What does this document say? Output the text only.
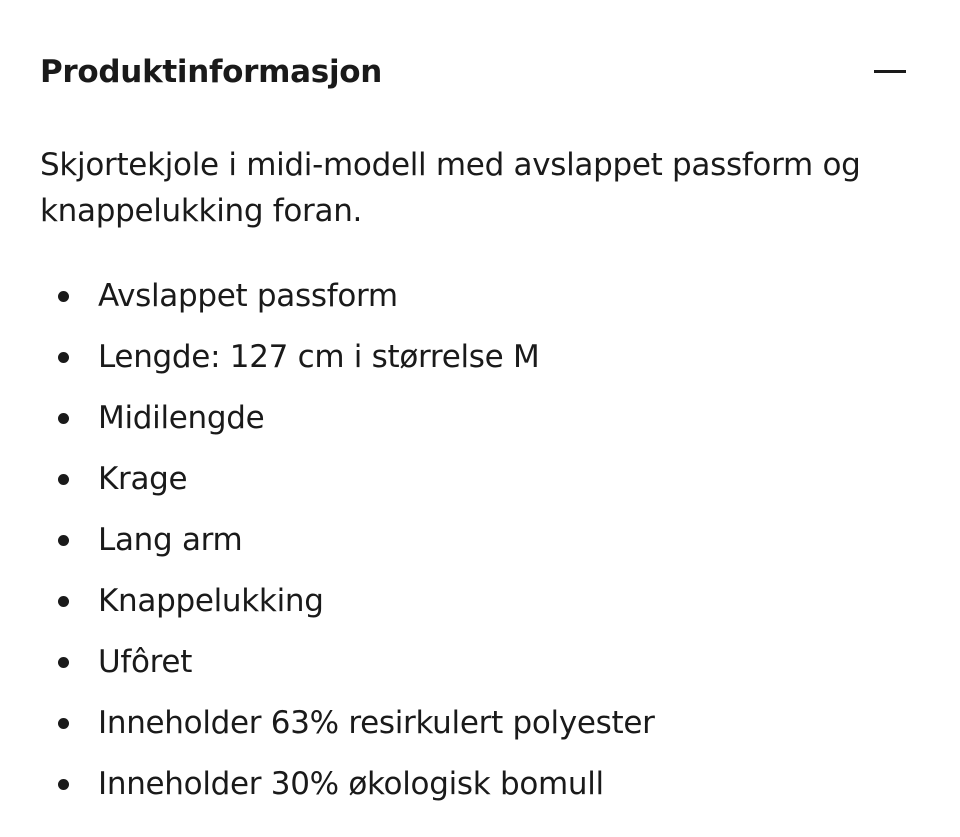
Produktinformasjon

Skjortekjole i midi-modell med avslappet passform og knappelukking foran.

Avslappet passform
Lengde: 127 cm i størrelse M
Midilengde
Krage
Lang arm
Knappelukking
Ufôret
Inneholder 63% resirkulert polyester
Inneholder 30% økologisk bomull
